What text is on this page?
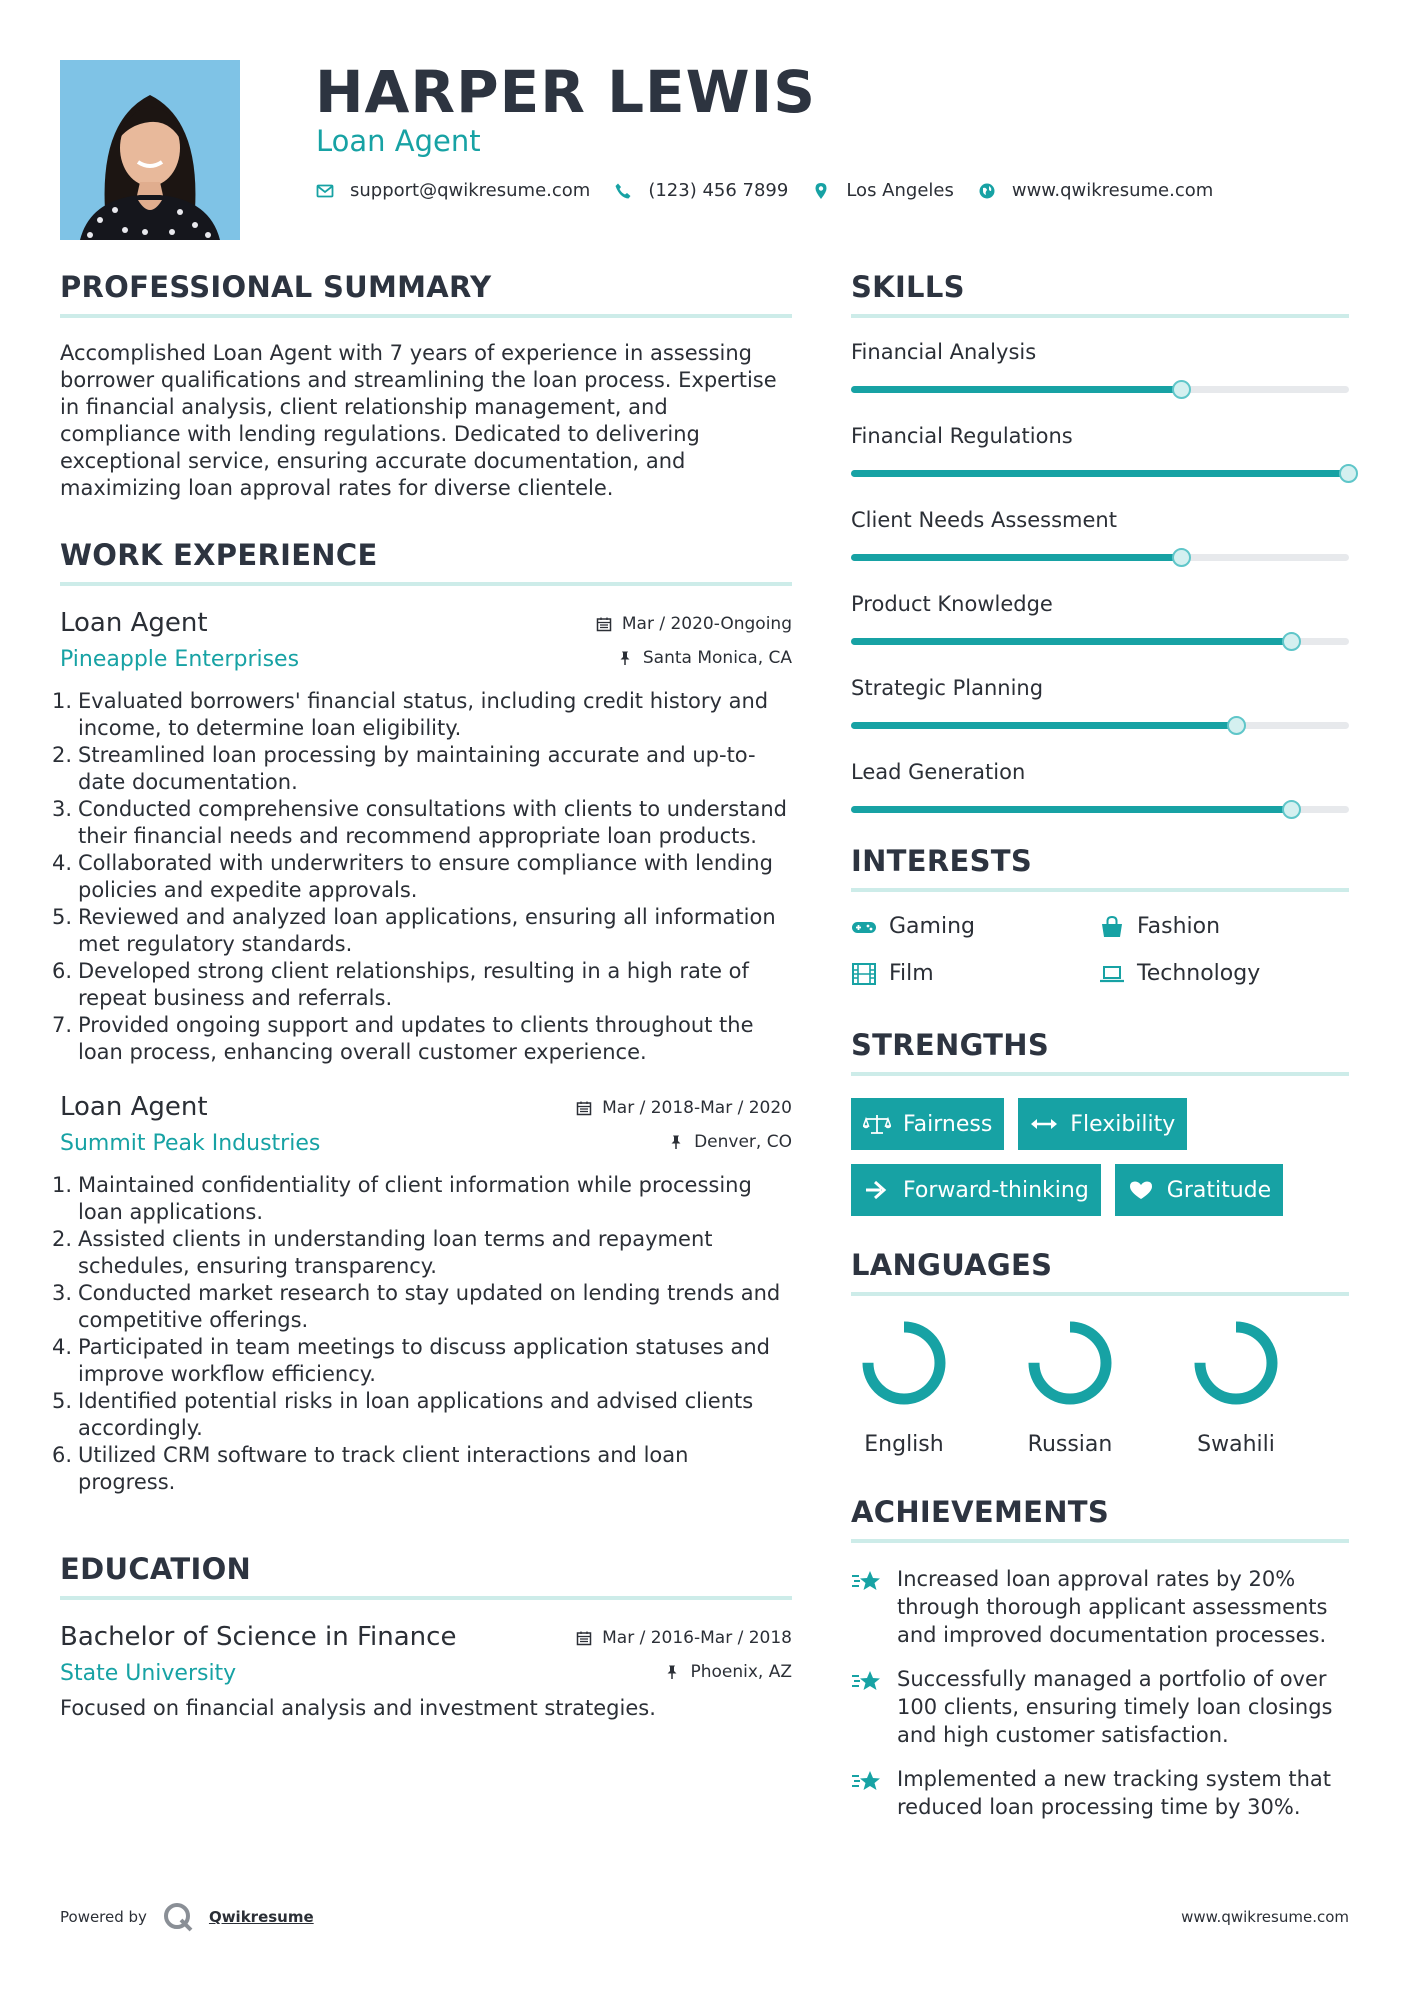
HARPER LEWIS
Loan Agent
support@qwikresume.com	(123) 456 7899	Los Angeles	www.qwikresume.com
PROFESSIONAL SUMMARY
Accomplished Loan Agent with 7 years of experience in assessing borrower qualifications and streamlining the loan process. Expertise in financial analysis, client relationship management, and compliance with lending regulations. Dedicated to delivering exceptional service, ensuring accurate documentation, and maximizing loan approval rates for diverse clientele.
WORK EXPERIENCE
Loan Agent
Pineapple Enterprises
Mar / 2020-Ongoing
Santa Monica, CA
1. Evaluated borrowers' financial status, including credit history and income, to determine loan eligibility.
2. Streamlined loan processing by maintaining accurate and up-to-date documentation.
3. Conducted comprehensive consultations with clients to understand their financial needs and recommend appropriate loan products.
4. Collaborated with underwriters to ensure compliance with lending policies and expedite approvals.
5. Reviewed and analyzed loan applications, ensuring all information met regulatory standards.
6. Developed strong client relationships, resulting in a high rate of repeat business and referrals.
7. Provided ongoing support and updates to clients throughout the loan process, enhancing overall customer experience.
Loan Agent
Summit Peak Industries
Mar / 2018-Mar / 2020
Denver, CO
1. Maintained confidentiality of client information while processing loan applications.
2. Assisted clients in understanding loan terms and repayment schedules, ensuring transparency.
3. Conducted market research to stay updated on lending trends and competitive offerings.
4. Participated in team meetings to discuss application statuses and improve workflow efficiency.
5. Identified potential risks in loan applications and advised clients accordingly.
6. Utilized CRM software to track client interactions and loan progress.
EDUCATION
Bachelor of Science in Finance
State University
Mar / 2016-Mar / 2018
Phoenix, AZ
Focused on financial analysis and investment strategies.
SKILLS
Financial Analysis
Financial Regulations
Client Needs Assessment
Product Knowledge
Strategic Planning
Lead Generation
INTERESTS
Gaming	Fashion
Film	Technology
STRENGTHS
Fairness	Flexibility
Forward-thinking	Gratitude
LANGUAGES
English	Russian	Swahili
ACHIEVEMENTS
Increased loan approval rates by 20% through thorough applicant assessments and improved documentation processes.
Successfully managed a portfolio of over 100 clients, ensuring timely loan closings and high customer satisfaction.
Implemented a new tracking system that reduced loan processing time by 30%.
Powered by	Qwikresume	www.qwikresume.com
